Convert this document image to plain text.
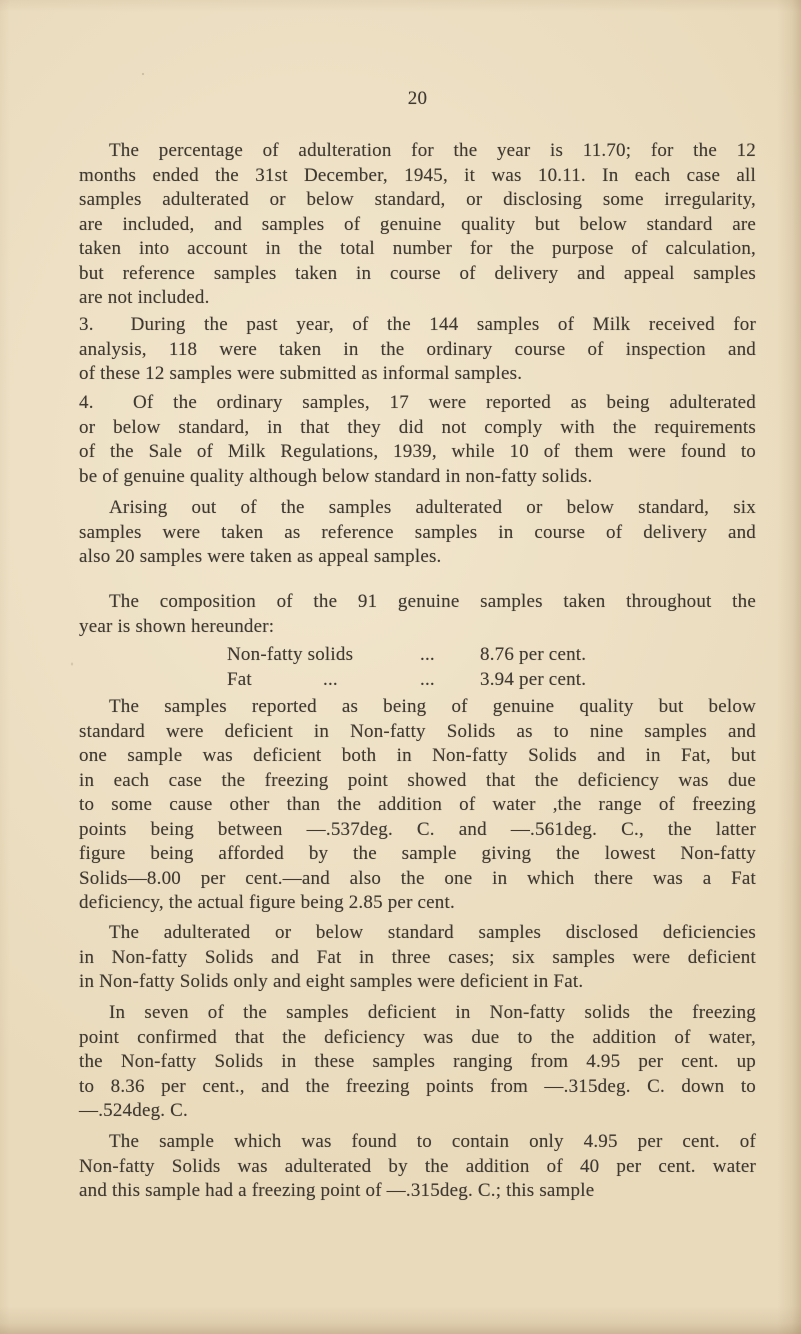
20
The percentage of adulteration for the year is 11.70; for the 12
months ended the 31st December, 1945, it was 10.11. In each case all
samples adulterated or below standard, or disclosing some irregularity,
are included, and samples of genuine quality but below standard are
taken into account in the total number for the purpose of calculation,
but reference samples taken in course of delivery and appeal samples
are not included.
3.  During the past year, of the 144 samples of Milk received for
analysis, 118 were taken in the ordinary course of inspection and
of these 12 samples were submitted as informal samples.
4.  Of the ordinary samples, 17 were reported as being adulterated
or below standard, in that they did not comply with the requirements
of the Sale of Milk Regulations, 1939, while 10 of them were found to
be of genuine quality although below standard in non-fatty solids.
Arising out of the samples adulterated or below standard, six
samples were taken as reference samples in course of delivery and
also 20 samples were taken as appeal samples.
The composition of the 91 genuine samples taken throughout the
year is shown hereunder:
Non-fatty solids	... 8.76 per cent.
Fat	...	... 3.94 per cent.
The samples reported as being of genuine quality but below
standard were deficient in Non-fatty Solids as to nine samples and
one sample was deficient both in Non-fatty Solids and in Fat, but
in each case the freezing point showed that the deficiency was due
to some cause other than the addition of water ,the range of freezing
points being between —.537deg. C. and —.561deg. C., the latter
figure being afforded by the sample giving the lowest Non-fatty
Solids—8.00 per cent.—and also the one in which there was a Fat
deficiency, the actual figure being 2.85 per cent.
The adulterated or below standard samples disclosed deficiencies
in Non-fatty Solids and Fat in three cases; six samples were deficient
in Non-fatty Solids only and eight samples were deficient in Fat.
In seven of the samples deficient in Non-fatty solids the freezing
point confirmed that the deficiency was due to the addition of water,
the Non-fatty Solids in these samples ranging from 4.95 per cent. up
to 8.36 per cent., and the freezing points from —.315deg. C. down to
—.524deg. C.
The sample which was found to contain only 4.95 per cent. of
Non-fatty Solids was adulterated by the addition of 40 per cent. water
and this sample had a freezing point of —.315deg. C.; this sample
